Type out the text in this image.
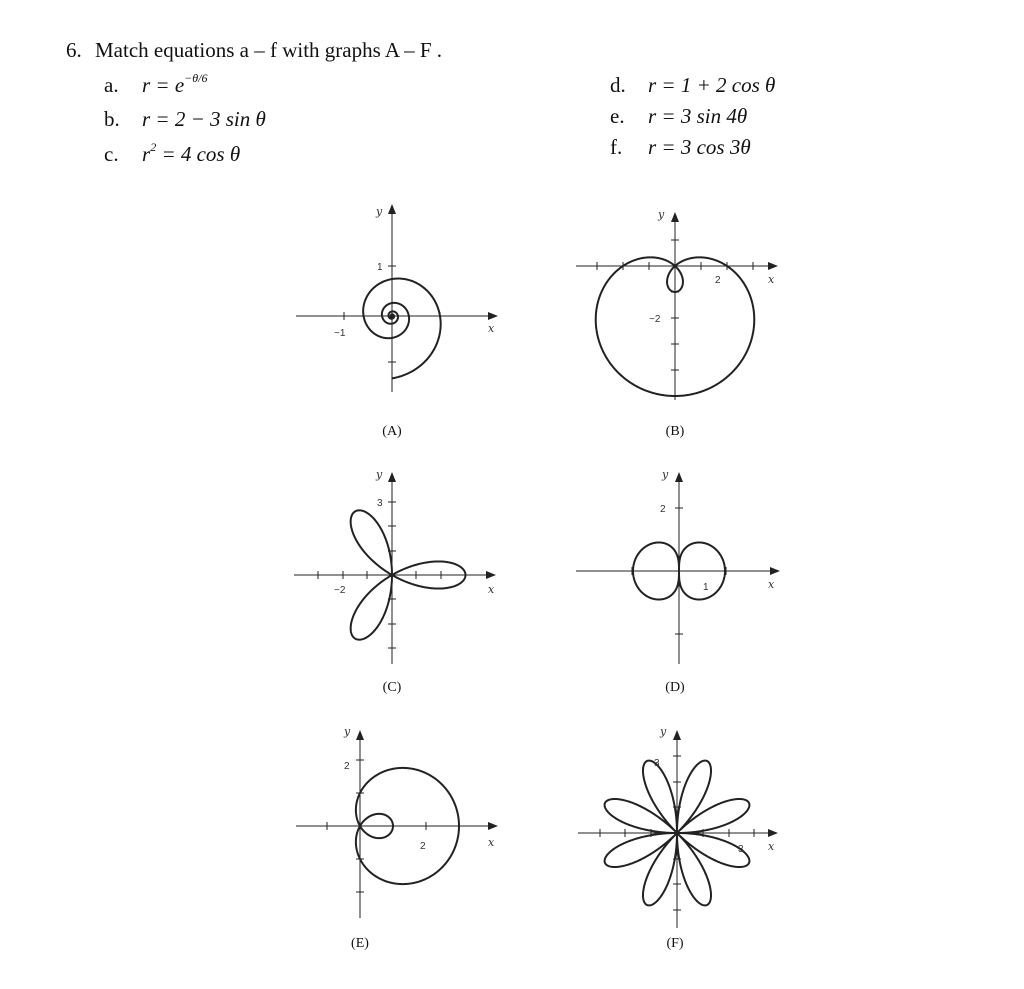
6. Match equations a – f with graphs A – F .
a. $r = e^{-\theta/6}$
b. r = 2 − 3 sin θ
c. $r^2 = 4$ cos θ
d. r = 1 + 2 cos θ
e. r = 3 sin 4θ
f. r = 3 cos 3θ
y
x
1
−1
(A)
y
x
2
−2
(B)
y
x
3
−2
(C)
y
x
2
1
(D)
y
x
2
2
(E)
y
x
3
3
(F)
